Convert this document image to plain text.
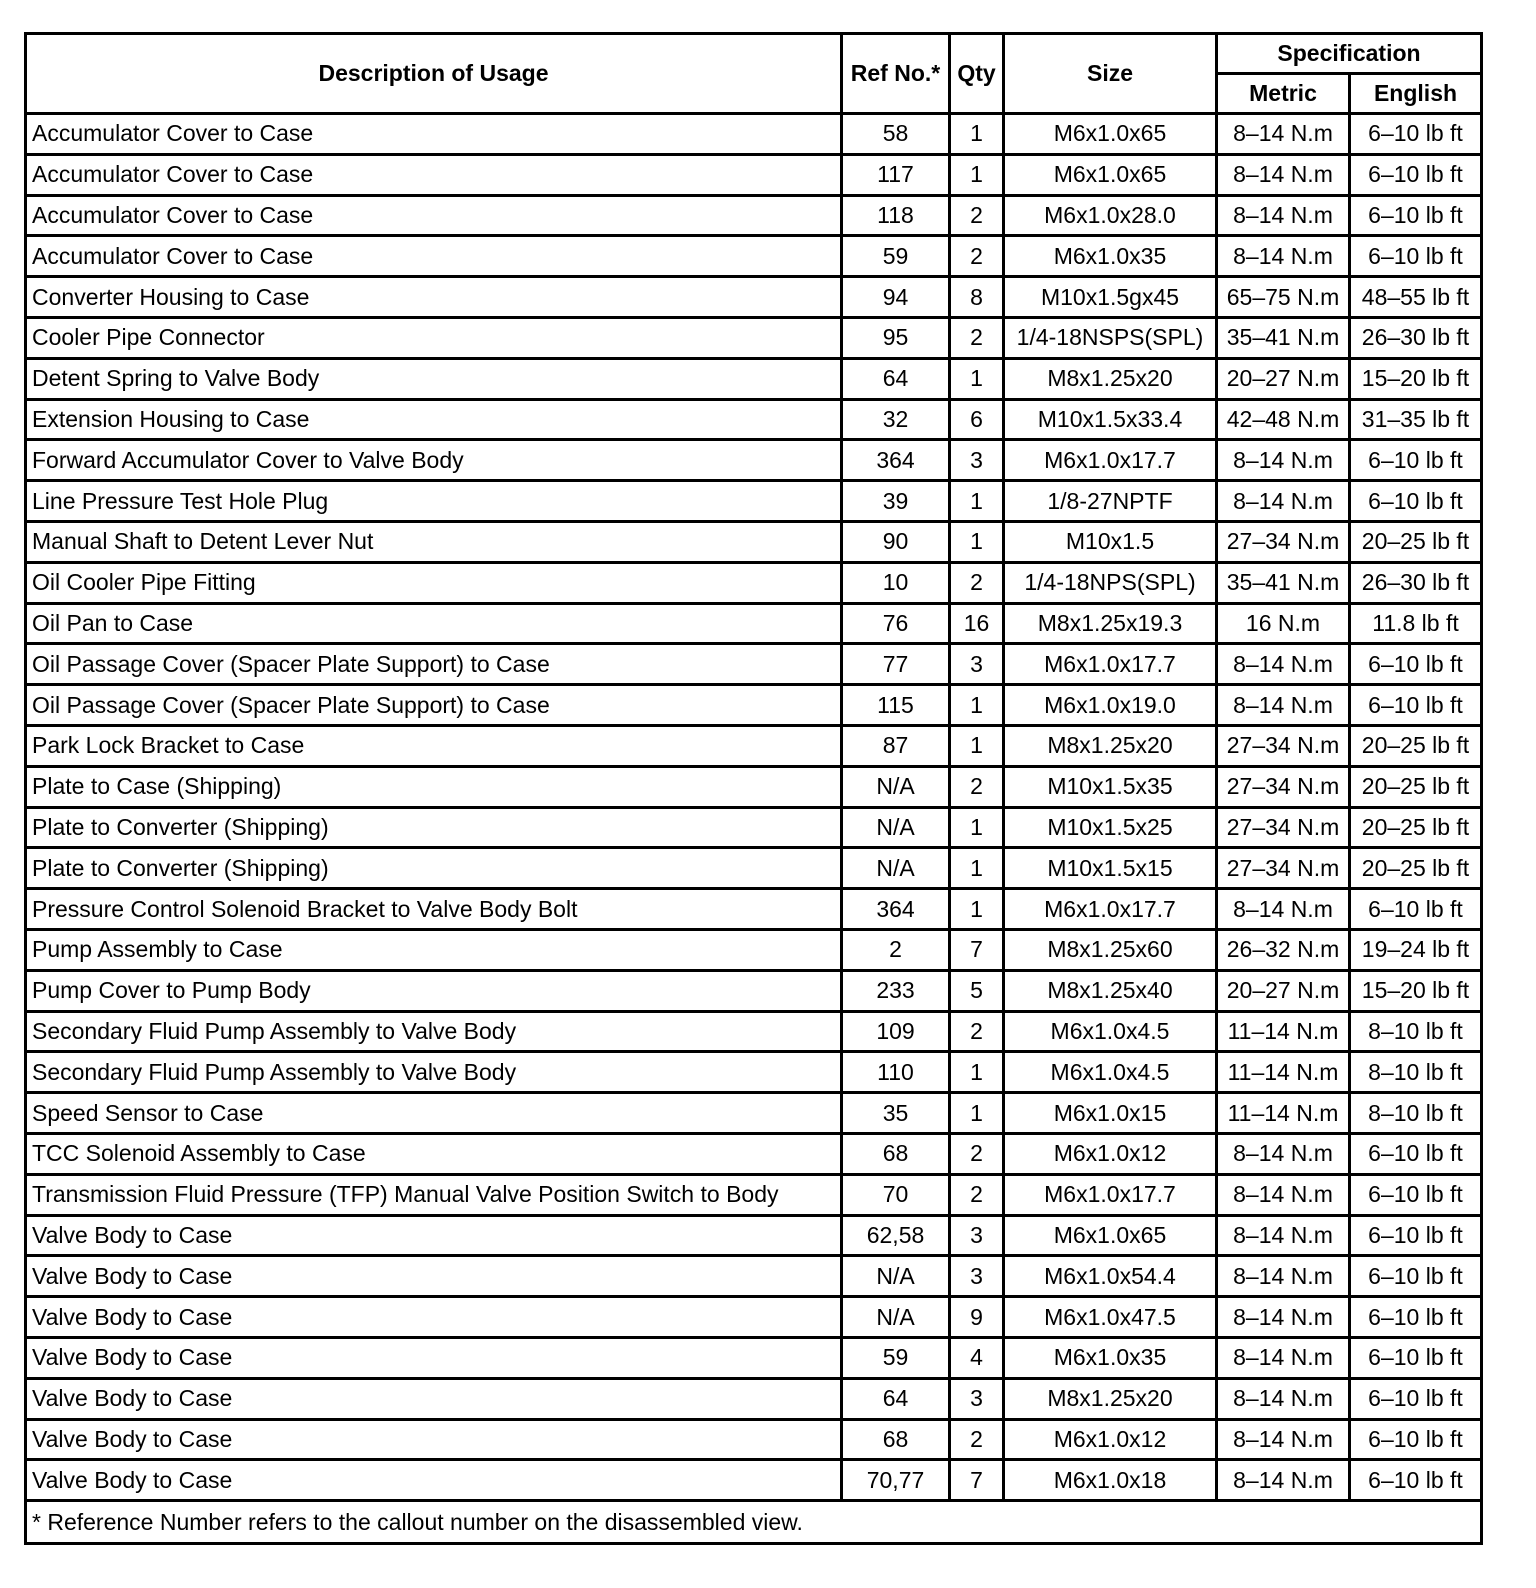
Description of Usage	Ref No.*	Qty	Size	Specification	
				Metric	English
Accumulator Cover to Case	58	1	M6x1.0x65	8–14 N.m	6–10 lb ft
Accumulator Cover to Case	117	1	M6x1.0x65	8–14 N.m	6–10 lb ft
Accumulator Cover to Case	118	2	M6x1.0x28.0	8–14 N.m	6–10 lb ft
Accumulator Cover to Case	59	2	M6x1.0x35	8–14 N.m	6–10 lb ft
Converter Housing to Case	94	8	M10x1.5gx45	65–75 N.m	48–55 lb ft
Cooler Pipe Connector	95	2	1/4-18NSPS(SPL)	35–41 N.m	26–30 lb ft
Detent Spring to Valve Body	64	1	M8x1.25x20	20–27 N.m	15–20 lb ft
Extension Housing to Case	32	6	M10x1.5x33.4	42–48 N.m	31–35 lb ft
Forward Accumulator Cover to Valve Body	364	3	M6x1.0x17.7	8–14 N.m	6–10 lb ft
Line Pressure Test Hole Plug	39	1	1/8-27NPTF	8–14 N.m	6–10 lb ft
Manual Shaft to Detent Lever Nut	90	1	M10x1.5	27–34 N.m	20–25 lb ft
Oil Cooler Pipe Fitting	10	2	1/4-18NPS(SPL)	35–41 N.m	26–30 lb ft
Oil Pan to Case	76	16	M8x1.25x19.3	16 N.m	11.8 lb ft
Oil Passage Cover (Spacer Plate Support) to Case	77	3	M6x1.0x17.7	8–14 N.m	6–10 lb ft
Oil Passage Cover (Spacer Plate Support) to Case	115	1	M6x1.0x19.0	8–14 N.m	6–10 lb ft
Park Lock Bracket to Case	87	1	M8x1.25x20	27–34 N.m	20–25 lb ft
Plate to Case (Shipping)	N/A	2	M10x1.5x35	27–34 N.m	20–25 lb ft
Plate to Converter (Shipping)	N/A	1	M10x1.5x25	27–34 N.m	20–25 lb ft
Plate to Converter (Shipping)	N/A	1	M10x1.5x15	27–34 N.m	20–25 lb ft
Pressure Control Solenoid Bracket to Valve Body Bolt	364	1	M6x1.0x17.7	8–14 N.m	6–10 lb ft
Pump Assembly to Case	2	7	M8x1.25x60	26–32 N.m	19–24 lb ft
Pump Cover to Pump Body	233	5	M8x1.25x40	20–27 N.m	15–20 lb ft
Secondary Fluid Pump Assembly to Valve Body	109	2	M6x1.0x4.5	11–14 N.m	8–10 lb ft
Secondary Fluid Pump Assembly to Valve Body	110	1	M6x1.0x4.5	11–14 N.m	8–10 lb ft
Speed Sensor to Case	35	1	M6x1.0x15	11–14 N.m	8–10 lb ft
TCC Solenoid Assembly to Case	68	2	M6x1.0x12	8–14 N.m	6–10 lb ft
Transmission Fluid Pressure (TFP) Manual Valve Position Switch to Body	70	2	M6x1.0x17.7	8–14 N.m	6–10 lb ft
Valve Body to Case	62,58	3	M6x1.0x65	8–14 N.m	6–10 lb ft
Valve Body to Case	N/A	3	M6x1.0x54.4	8–14 N.m	6–10 lb ft
Valve Body to Case	N/A	9	M6x1.0x47.5	8–14 N.m	6–10 lb ft
Valve Body to Case	59	4	M6x1.0x35	8–14 N.m	6–10 lb ft
Valve Body to Case	64	3	M8x1.25x20	8–14 N.m	6–10 lb ft
Valve Body to Case	68	2	M6x1.0x12	8–14 N.m	6–10 lb ft
Valve Body to Case	70,77	7	M6x1.0x18	8–14 N.m	6–10 lb ft
* Reference Number refers to the callout number on the disassembled view.					
